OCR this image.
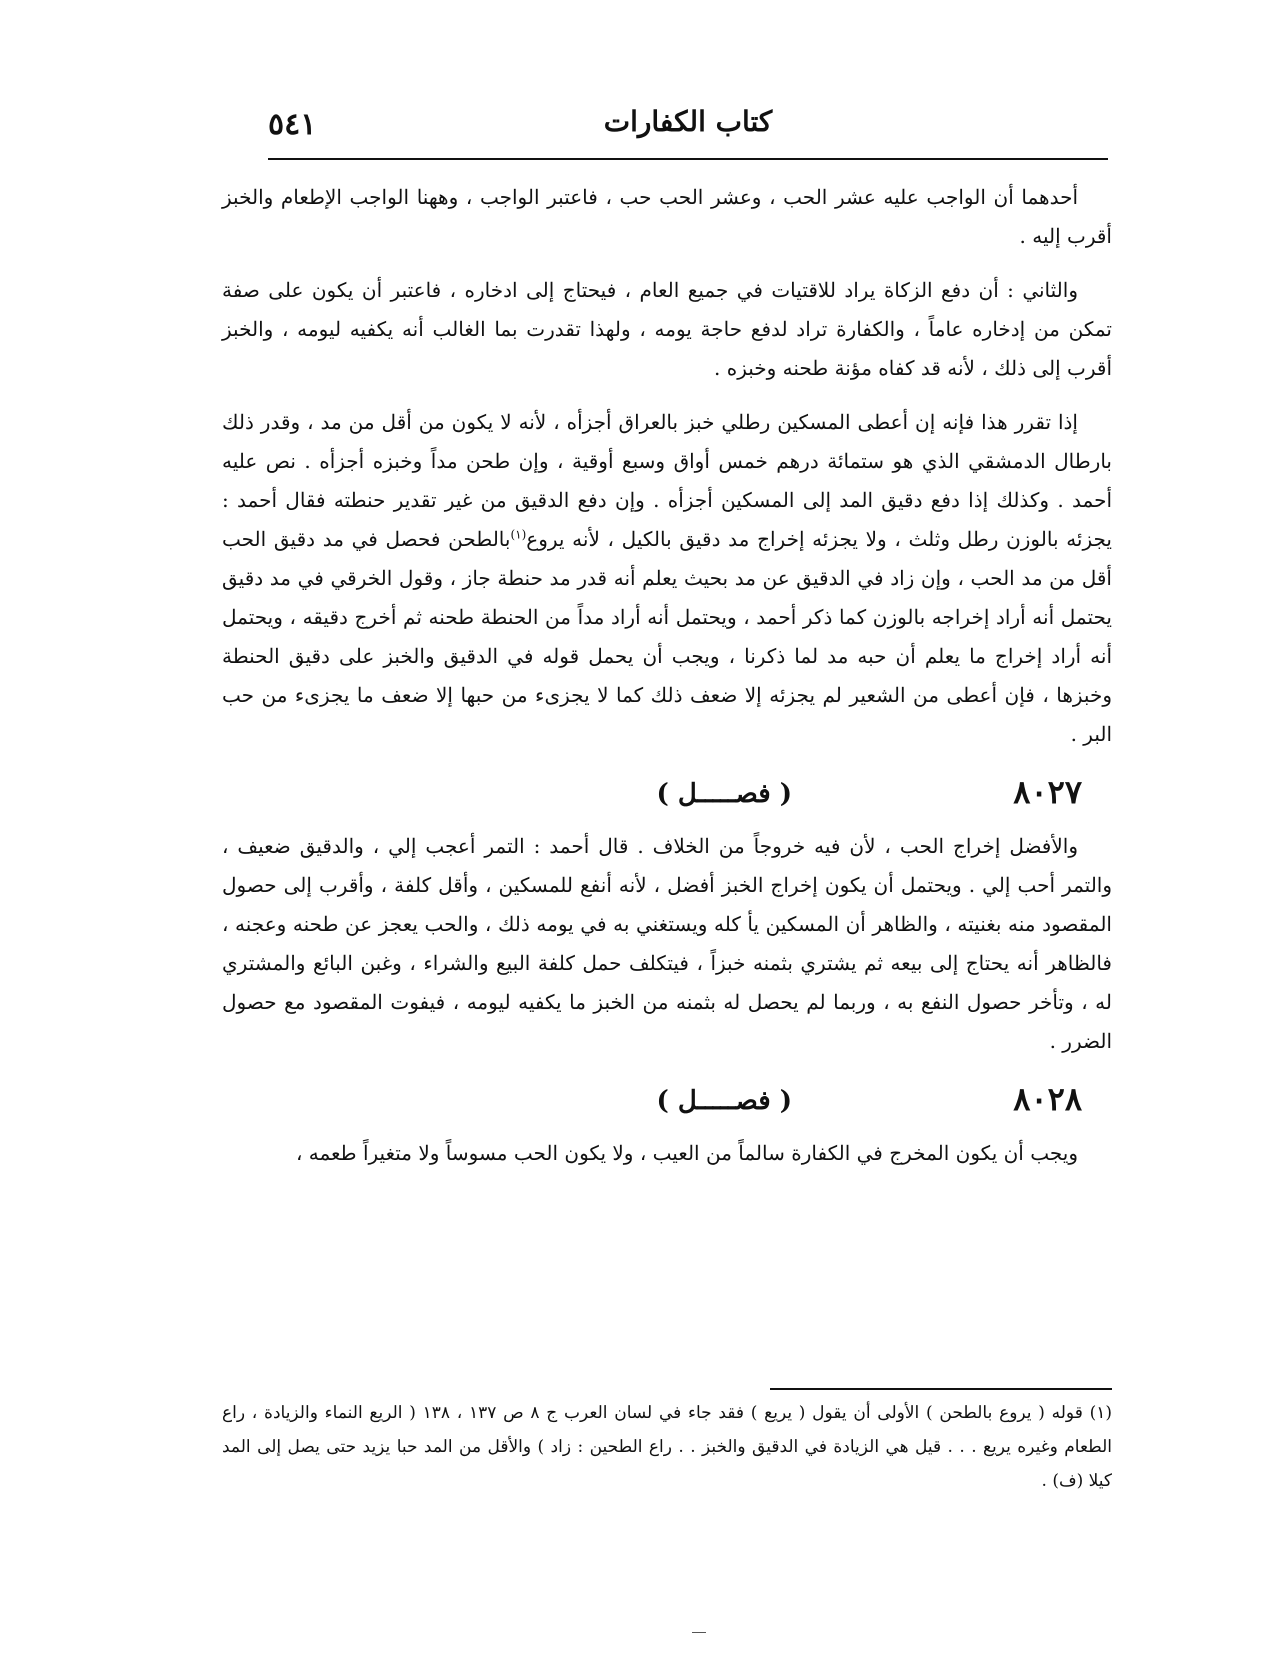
كتاب الكفارات
٥٤١

أحدهما أن الواجب عليه عشر الحب ، وعشر الحب حب ، فاعتبر الواجب ، وههنا الواجب الإطعام والخبز أقرب إليه .

والثاني : أن دفع الزكاة يراد للاقتيات في جميع العام ، فيحتاج إلى ادخاره ، فاعتبر أن يكون على صفة تمكن من إدخاره عاماً ، والكفارة تراد لدفع حاجة يومه ، ولهذا تقدرت بما الغالب أنه يكفيه ليومه ، والخبز أقرب إلى ذلك ، لأنه قد كفاه مؤنة طحنه وخبزه .

إذا تقرر هذا فإنه إن أعطى المسكين رطلي خبز بالعراق أجزأه ، لأنه لا يكون من أقل من مد ، وقدر ذلك بارطال الدمشقي الذي هو ستمائة درهم خمس أواق وسبع أوقية ، وإن طحن مداً وخبزه أجزأه . نص عليه أحمد . وكذلك إذا دفع دقيق المد إلى المسكين أجزأه . وإن دفع الدقيق من غير تقدير حنطته فقال أحمد : يجزئه بالوزن رطل وثلث ، ولا يجزئه إخراج مد دقيق بالكيل ، لأنه يروع$^{(١)}$بالطحن فحصل في مد دقيق الحب أقل من مد الحب ، وإن زاد في الدقيق عن مد بحيث يعلم أنه قدر مد حنطة جاز ، وقول الخرقي في مد دقيق يحتمل أنه أراد إخراجه بالوزن كما ذكر أحمد ، ويحتمل أنه أراد مداً من الحنطة طحنه ثم أخرج دقيقه ، ويحتمل أنه أراد إخراج ما يعلم أن حبه مد لما ذكرنا ، ويجب أن يحمل قوله في الدقيق والخبز على دقيق الحنطة وخبزها ، فإن أعطى من الشعير لم يجزئه إلا ضعف ذلك كما لا يجزىء من حبها إلا ضعف ما يجزىء من حب البر .

٨٠٢٧
( فصـــــل )

والأفضل إخراج الحب ، لأن فيه خروجاً من الخلاف . قال أحمد : التمر أعجب إلي ، والدقيق ضعيف ، والتمر أحب إلي . ويحتمل أن يكون إخراج الخبز أفضل ، لأنه أنفع للمسكين ، وأقل كلفة ، وأقرب إلى حصول المقصود منه بغنيته ، والظاهر أن المسكين يأ كله ويستغني به في يومه ذلك ، والحب يعجز عن طحنه وعجنه ، فالظاهر أنه يحتاج إلى بيعه ثم يشتري بثمنه خبزاً ، فيتكلف حمل كلفة البيع والشراء ، وغبن البائع والمشتري له ، وتأخر حصول النفع به ، وربما لم يحصل له بثمنه من الخبز ما يكفيه ليومه ، فيفوت المقصود مع حصول الضرر .

٨٠٢٨
( فصـــــل )

ويجب أن يكون المخرج في الكفارة سالماً من العيب ، ولا يكون الحب مسوساً ولا متغيراً طعمه ،

(١) قوله ( يروع بالطحن ) الأولى أن يقول ( يريع ) فقد جاء في لسان العرب ج ٨ ص ١٣٧ ، ١٣٨ ( الريع النماء والزيادة ، راع الطعام وغيره يريع . . . قيل هي الزيادة في الدقيق والخبز . . راع الطحين : زاد ) والأقل من المد حبا يزيد حتى يصل إلى المد كيلا (ف) .
